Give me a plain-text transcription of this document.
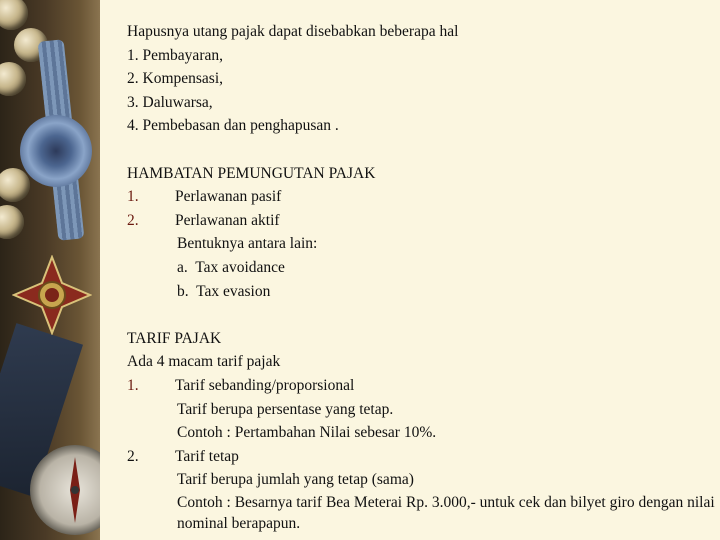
Hapusnya utang pajak dapat disebabkan beberapa hal
1. Pembayaran,
2. Kompensasi,
3. Daluwarsa,
4. Pembebasan dan penghapusan .
HAMBATAN PEMUNGUTAN PAJAK
1. Perlawanan pasif
2. Perlawanan aktif
Bentuknya antara lain:
a.  Tax avoidance
b.  Tax evasion
TARIF PAJAK
Ada 4 macam tarif pajak
1. Tarif sebanding/proporsional
Tarif berupa persentase yang tetap.
Contoh : Pertambahan Nilai sebesar 10%.
2. Tarif tetap
Tarif berupa jumlah yang tetap (sama)
Contoh : Besarnya tarif Bea Meterai Rp. 3.000,- untuk cek dan bilyet giro dengan nilai nominal berapapun.
